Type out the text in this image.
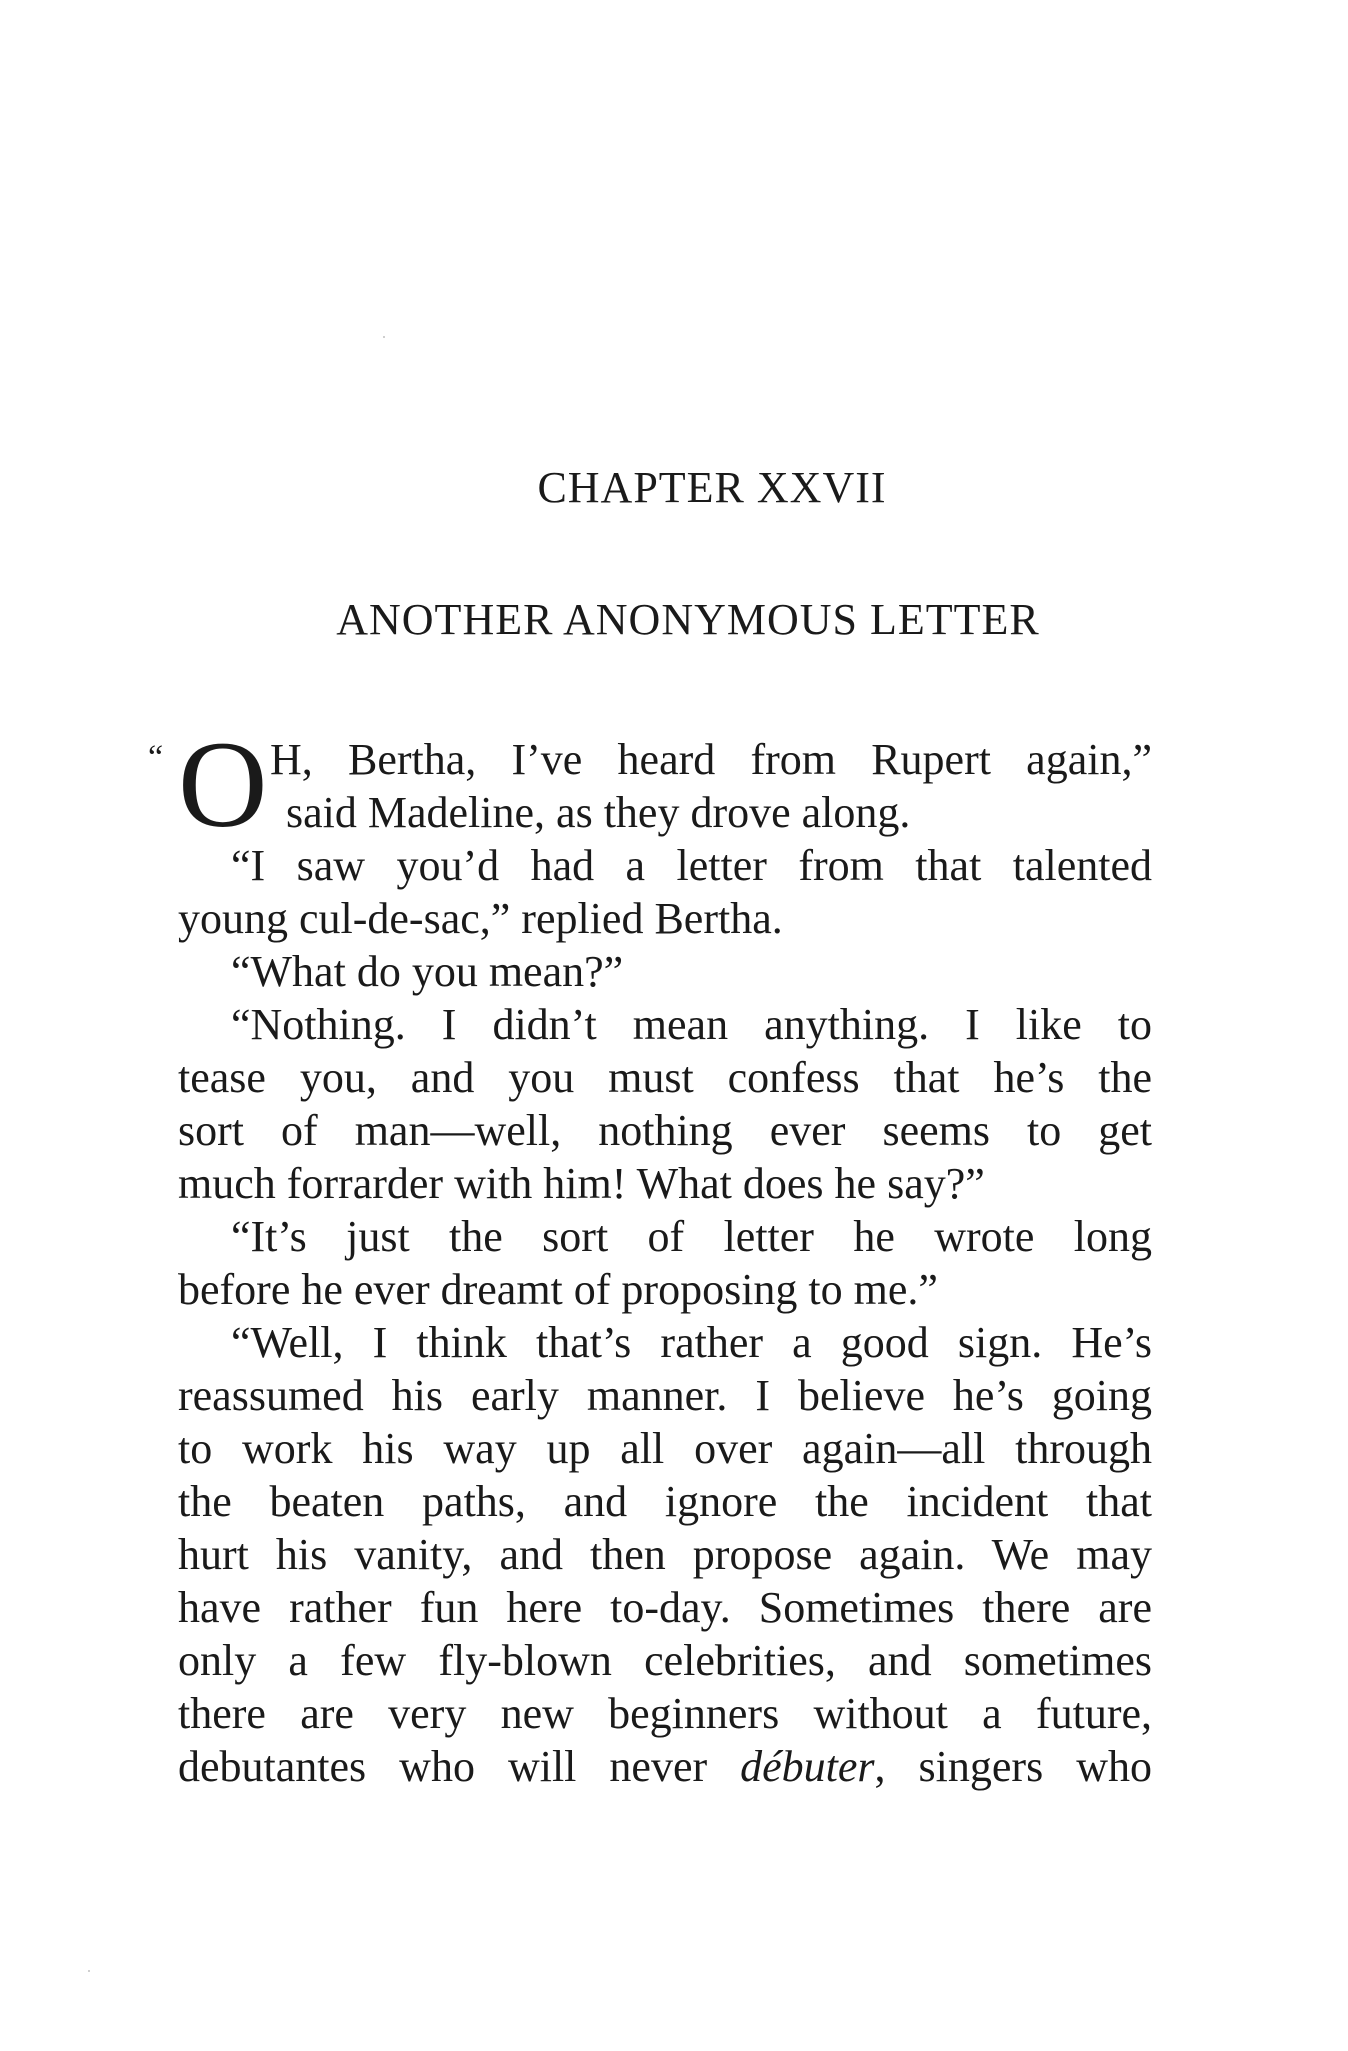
CHAPTER XXVII
ANOTHER ANONYMOUS LETTER
“ O H, Bertha, I’ve heard from Rupert again,”
said Madeline, as they drove along.
“I saw you’d had a letter from that talented
young cul-de-sac,” replied Bertha.
“What do you mean?”
“Nothing. I didn’t mean anything. I like to
tease you, and you must confess that he’s the
sort of man—well, nothing ever seems to get
much forrarder with him! What does he say?”
“It’s just the sort of letter he wrote long
before he ever dreamt of proposing to me.”
“Well, I think that’s rather a good sign. He’s
reassumed his early manner. I believe he’s going
to work his way up all over again—all through
the beaten paths, and ignore the incident that
hurt his vanity, and then propose again. We may
have rather fun here to-day. Sometimes there are
only a few fly-blown celebrities, and sometimes
there are very new beginners without a future,
debutantes who will never débuter, singers who
